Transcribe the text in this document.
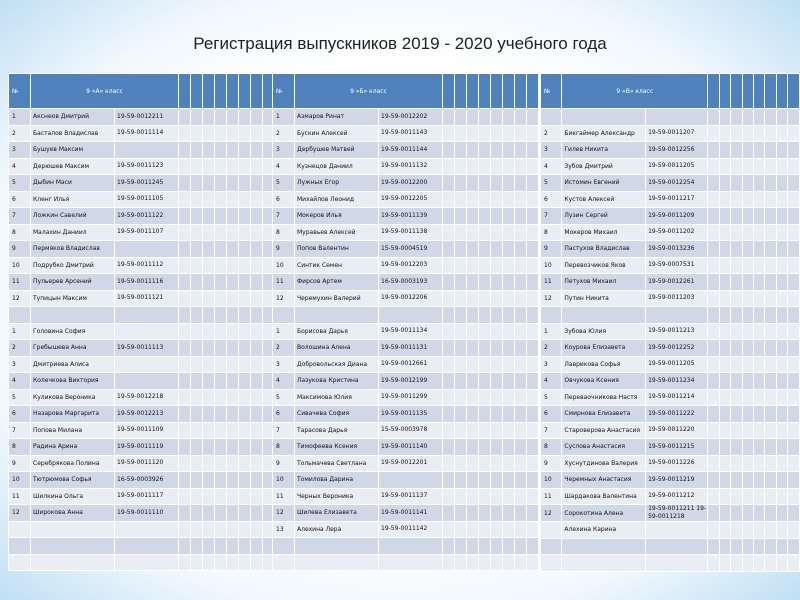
Регистрация выпускников 2019 - 2020 учебного года
№	9 «А» класс									
1	Акснеов Дмитрий	19-59-0012211								
2	Басталов Владислав	19-59-0011114								
3	Бушуев Максим									
4	Дерюшев Максим	19-59-0011123								
5	Дыбин Маси	19-59-0011245								
6	Кленг Илья	19-59-0011105								
7	Ложкин Савелий	19-59-0011122								
8	Малахин Даниил	19-59-0011107								
9	Пермяков Владислав									
10	Подрубко Дмитрий	19-59-0011112								
11	Пульерев Арсений	19-59-0011116								
12	Тупицын Максим	19-59-0011121								

1	Головина София									
2	Гребышева Анна	19-59-0011113								
3	Дмитриева Алиса									
4	Колечкова Виктория									
5	Куликова Вероника	19-59-0012218								
6	Назарова Маргарита	19-59-0012213								
7	Попова Милана	19-59-0011109								
8	Радина Арина	19-59-0011119								
9	Серебрякова Полина	19-59-0011120								
10	Тютрюмова Софья	16-59-0003926								
11	Шилкина Ольга	19-59-0011117								
12	Широкова Анна	19-59-0011110								

№	9 «Б» класс									
1	Азмаров Ринат	19-59-0012202								
2	Бускин Алексей	19-59-0011143								
3	Дербушев Матвей	19-59-0011144								
4	Кузнецов Даниил	19-59-0011132								
5	Лужных Егор	19-59-0012200								
6	Михайлов Леонид	19-59-0012205								
7	Мокеров Илья	19-59-0011139								
8	Муравьев Алексей	19-59-0011138								
9	Попов Валентин	15-59-0004519								
10	Синтик Семен	19-59-0012203								
11	Фирсов Артем	16-59-0003193								
12	Черемухин Валерий	19-59-0012206								

1	Борисова Дарья	19-59-0011134								
2	Волошина Алена	19-59-0011131								
3	Добровольская Диана	19-59-0012661								
4	Лазукова Кристина	19-59-0012199								
5	Максимова Юлия	19-59-0011299								
6	Сивачева София	19-59-0011135								
7	Тарасова Дарья	15-59-0003978								
8	Тимофеева Ксения	19-59-0011140								
9	Тольмачева Светлана	19-59-0012201								
10	Томилова Дарина									
11	Черных Вероника	19-59-0011137								
12	Шилева Елизавета	19-59-0011141								
13	Алехина Лера	19-59-0011142								

№	9 «В» класс									

2	Бикгаймер Александр	19-59-0011207								
3	Гилев Никита	19-59-0012256								
4	Зубов Дмитрий	19-59-0011205								
5	Истомин Евгений	19-59-0012254								
6	Кустов Алексей	19-59-0011217								
7	Лузин Сергей	19-59-0011209								
8	Мокеров Михаил	19-59-0011202								
9	Пастухов Владислав	19-59-0013236								
10	Перевозчиков Яков	19-59-0007531								
11	Петухов Михаил	19-59-0012261								
12	Путин Никита	19-59-0011203								

1	Зубова Юлия	19-59-0011213								
2	Коурова Елизавета	19-59-0012252								
3	Лаврикова Софья	19-59-0011205								
4	Овчукова Ксения	19-59-0011234								
5	Переваочникова Настя	19-59-0011214								
6	Смирнова Елизавета	19-59-0011222								
7	Староверова Анастасия	19-59-0011220								
8	Суслова Анастасия	19-59-0011215								
9	Хуснутдинова Валерия	19-59-0011226								
10	Черемных Анастасия	19-59-0011219								
11	Шардакова Валентина	19-59-0011212								
12	Сорокотина Алена	19-59-0011211 19-59-0011218								
	Алехина Карина									
